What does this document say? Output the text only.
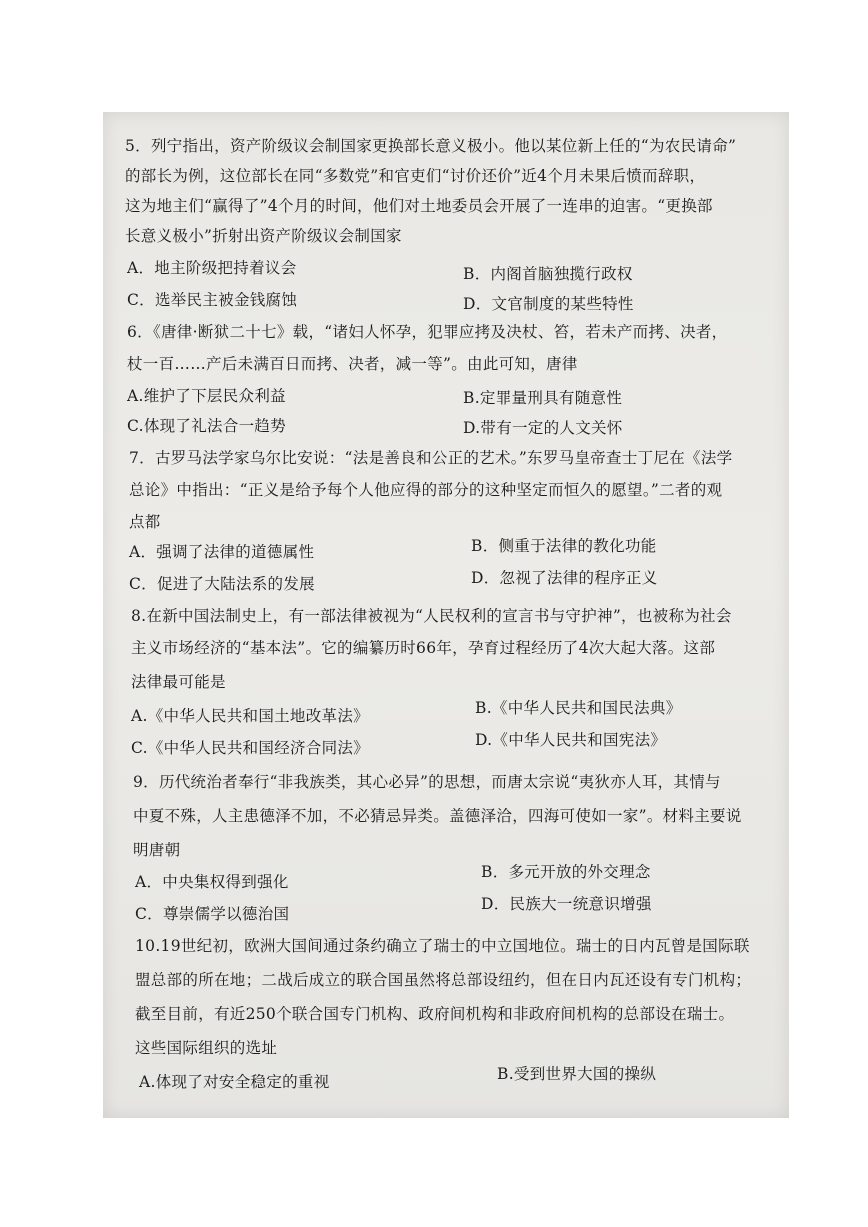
5．列宁指出，资产阶级议会制国家更换部长意义极小。他以某位新上任的“为农民请命”
的部长为例，这位部长在同“多数党”和官吏们“讨价还价”近4个月未果后愤而辞职，
这为地主们“赢得了”4个月的时间，他们对土地委员会开展了一连串的迫害。“更换部
长意义极小”折射出资产阶级议会制国家
A．地主阶级把持着议会	B．内阁首脑独揽行政权
C．选举民主被金钱腐蚀	D．文官制度的某些特性
6．《唐律·断狱二十七》载，“诸妇人怀孕，犯罪应拷及决杖、笞，若未产而拷、决者，
杖一百……产后未满百日而拷、决者，减一等”。由此可知，唐律
A.维护了下层民众利益	B.定罪量刑具有随意性
C.体现了礼法合一趋势	D.带有一定的人文关怀
7．古罗马法学家乌尔比安说：“法是善良和公正的艺术。”东罗马皇帝查士丁尼在《法学
总论》中指出：“正义是给予每个人他应得的部分的这种坚定而恒久的愿望。”二者的观
点都
A．强调了法律的道德属性	B．侧重于法律的教化功能
C．促进了大陆法系的发展	D．忽视了法律的程序正义
8.在新中国法制史上，有一部法律被视为“人民权利的宣言书与守护神”，也被称为社会
主义市场经济的“基本法”。它的编纂历时66年，孕育过程经历了4次大起大落。这部
法律最可能是
A.《中华人民共和国土地改革法》	B.《中华人民共和国民法典》
C.《中华人民共和国经济合同法》	D.《中华人民共和国宪法》
9．历代统治者奉行“非我族类，其心必异”的思想，而唐太宗说“夷狄亦人耳，其情与
中夏不殊，人主患德泽不加，不必猜忌异类。盖德泽洽，四海可使如一家”。材料主要说
明唐朝
A．中央集权得到强化
B．多元开放的外交理念
C．尊崇儒学以德治国
D．民族大一统意识增强
10.19世纪初，欧洲大国间通过条约确立了瑞士的中立国地位。瑞士的日内瓦曾是国际联
盟总部的所在地；二战后成立的联合国虽然将总部设纽约，但在日内瓦还设有专门机构；
截至目前，有近250个联合国专门机构、政府间机构和非政府间机构的总部设在瑞士。
这些国际组织的选址
A.体现了对安全稳定的重视	B.受到世界大国的操纵
